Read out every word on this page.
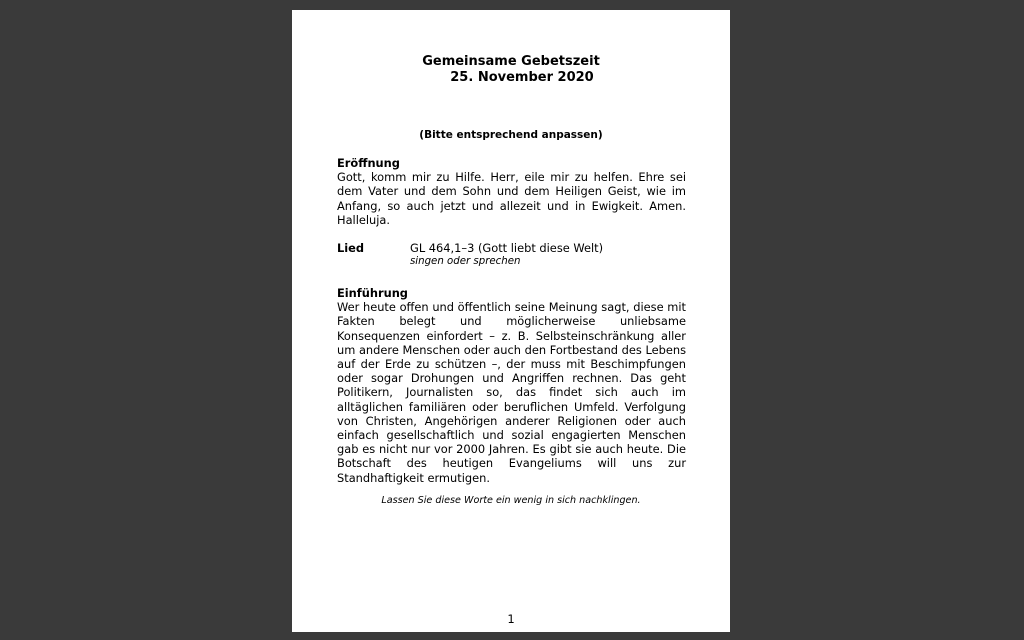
Gemeinsame Gebetszeit
25. November 2020
(Bitte entsprechend anpassen)
Eröffnung

Gott, komm mir zu Hilfe. Herr, eile mir zu helfen. Ehre sei dem Vater und dem Sohn und dem Heiligen Geist, wie im Anfang, so auch jetzt und allezeit und in Ewigkeit. Amen. Halleluja.

Lied	GL 464,1–3 (Gott liebt diese Welt)
singen oder sprechen
Einführung

Wer heute offen und öffentlich seine Meinung sagt, diese mit Fakten belegt und möglicherweise unliebsame Konsequenzen einfordert – z. B. Selbsteinschränkung aller um andere Menschen oder auch den Fortbestand des Lebens auf der Erde zu schützen –, der muss mit Beschimpfungen oder sogar Drohungen und Angriffen rechnen. Das geht Politikern, Journalisten so, das findet sich auch im alltäglichen familiären oder beruflichen Umfeld. Verfolgung von Christen, Angehörigen anderer Religionen oder auch einfach gesellschaftlich und sozial engagierten Menschen gab es nicht nur vor 2000 Jahren. Es gibt sie auch heute. Die Botschaft des heutigen Evangeliums will uns zur Standhaftigkeit ermutigen.

Lassen Sie diese Worte ein wenig in sich nachklingen.
1
